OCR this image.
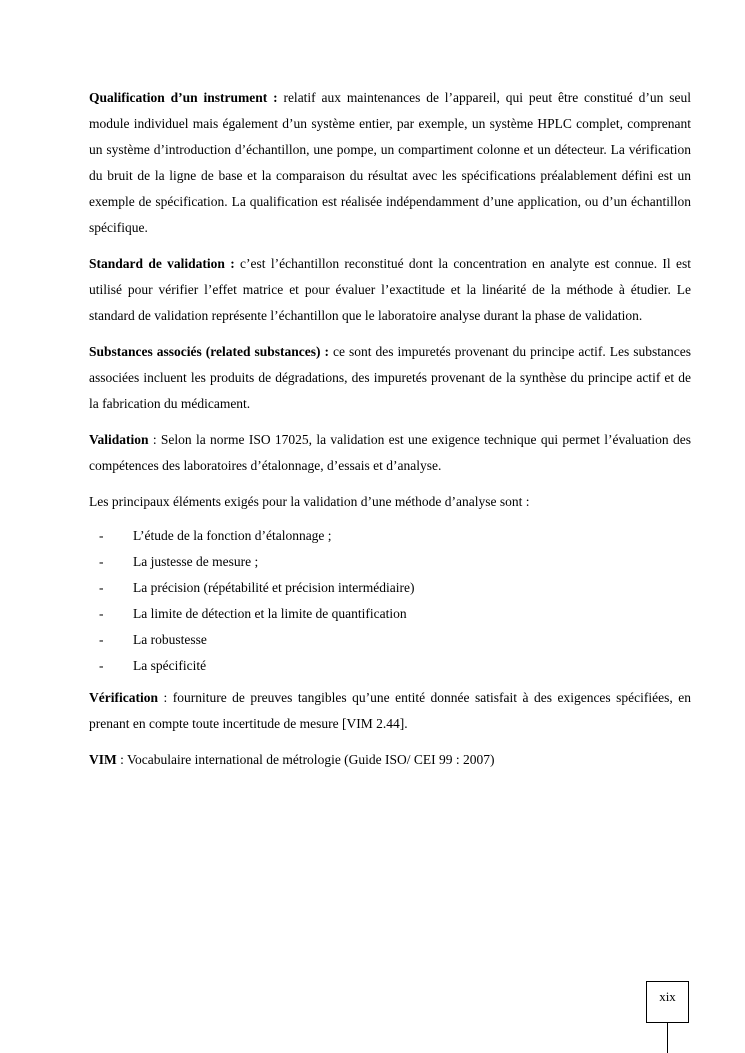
Qualification d’un instrument : relatif aux maintenances de l’appareil, qui peut être constitué d’un seul module individuel mais également d’un système entier, par exemple, un système HPLC complet, comprenant un système d’introduction d’échantillon, une pompe, un compartiment colonne et un détecteur. La vérification du bruit de la ligne de base et la comparaison du résultat avec les spécifications préalablement défini est un exemple de spécification. La qualification est réalisée indépendamment d’une application, ou d’un échantillon spécifique.

Standard de validation : c’est l’échantillon reconstitué dont la concentration en analyte est connue. Il est utilisé pour vérifier l’effet matrice et pour évaluer l’exactitude et la linéarité de la méthode à étudier. Le standard de validation représente l’échantillon que le laboratoire analyse durant la phase de validation.

Substances associés (related substances) : ce sont des impuretés provenant du principe actif. Les substances associées incluent les produits de dégradations, des impuretés provenant de la synthèse du principe actif et de la fabrication du médicament.

Validation : Selon la norme ISO 17025, la validation est une exigence technique qui permet l’évaluation des compétences des laboratoires d’étalonnage, d’essais et d’analyse.

Les principaux éléments exigés pour la validation d’une méthode d’analyse sont :

- L’étude de la fonction d’étalonnage ;
- La justesse de mesure ;
- La précision (répétabilité et précision intermédiaire)
- La limite de détection et la limite de quantification
- La robustesse
- La spécificité

Vérification : fourniture de preuves tangibles qu’une entité donnée satisfait à des exigences spécifiées, en prenant en compte toute incertitude de mesure [VIM 2.44].

VIM : Vocabulaire international de métrologie (Guide ISO/ CEI 99 : 2007)

xix
